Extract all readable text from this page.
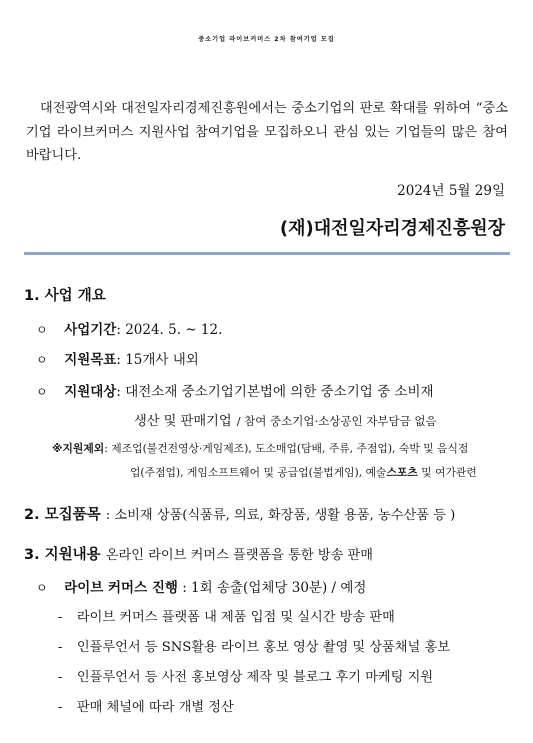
중소기업 라이브커머스 2차 참여기업 모집
대전광역시와 대전일자리경제진흥원에서는 중소기업의 판로 확대를 위하여 “중소기업 라이브커머스 지원사업 참여기업을 모집하오니 관심 있는 기업들의 많은 참여 바랍니다.
2024년 5월 29일
(재)대전일자리경제진흥원장
1. 사업 개요
ㅇ 사업기간: 2024. 5. ~ 12.
ㅇ 지원목표: 15개사 내외
ㅇ 지원대상: 대전소재 중소기업기본법에 의한 중소기업 중 소비재
생산 및 판매기업 / 참여 중소기업·소상공인 자부담금 없음
※지원제외: 제조업(불건전영상·게임제조), 도소매업(담배, 주류, 주점업), 숙박 및 음식점
업(주점업), 게임소프트웨어 및 공급업(불법게임), 예술스포츠 및 여가관련
2. 모집품목 : 소비재 상품(식품류, 의료, 화장품, 생활 용품, 농수산품 등 )
3. 지원내용 온라인 라이브 커머스 플랫폼을 통한 방송 판매
ㅇ 라이브 커머스 진행 : 1회 송출(업체당 30분) / 예정
- 라이브 커머스 플랫폼 내 제품 입점 및 실시간 방송 판매
- 인플루언서 등 SNS활용 라이브 홍보 영상 촬영 및 상품채널 홍보
- 인플루언서 등 사전 홍보영상 제작 및 블로그 후기 마케팅 지원
- 판매 체널에 따라 개별 정산
